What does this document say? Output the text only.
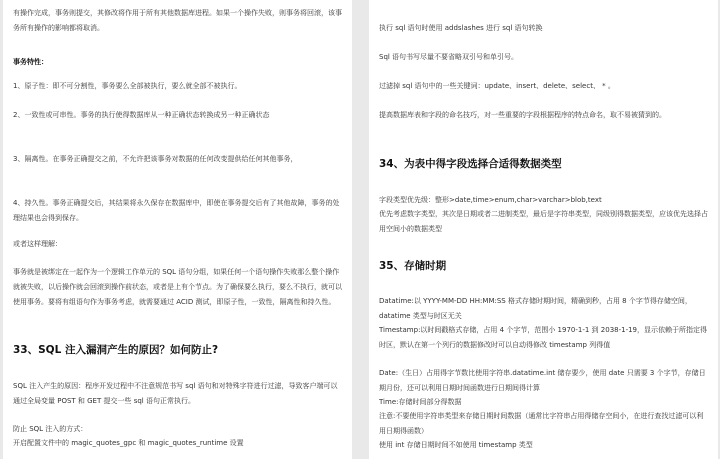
有操作完成，事务则提交，其修改将作用于所有其他数据库进程。如果一个操作失败，则事务将回滚，该事务所有操作的影响都将取消。

事务特性：

1、原子性：即不可分割性，事务要么全部被执行，要么就全部不被执行。

2、一致性或可串性。事务的执行使得数据库从一种正确状态转换成另一种正确状态

3、隔离性。在事务正确提交之前，不允许把该事务对数据的任何改变提供给任何其他事务，

4、持久性。事务正确提交后，其结果将永久保存在数据库中，即使在事务提交后有了其他故障，事务的处理结果也会得到保存。

或者这样理解：

事务就是被绑定在一起作为一个逻辑工作单元的 SQL 语句分组，如果任何一个语句操作失败那么整个操作就被失败，以后操作就会回滚到操作前状态，或者是上有个节点。为了确保要么执行，要么不执行，就可以使用事务。要将有组语句作为事务考虑，就需要通过 ACID 测试，即原子性，一致性，隔离性和持久性。

33、SQL 注入漏洞产生的原因？如何防止?

SQL 注入产生的原因：程序开发过程中不注意规范书写 sql 语句和对特殊字符进行过滤，导致客户端可以通过全局变量 POST 和 GET 提交一些 sql 语句正常执行。

防止 SQL 注入的方式：

开启配置文件中的 magic_quotes_gpc 和 magic_quotes_runtime 设置

执行 sql 语句时使用 addslashes 进行 sql 语句转换

Sql 语句书写尽量不要省略双引号和单引号。

过滤掉 sql 语句中的一些关键词：update、insert、delete、select、 * 。

提高数据库表和字段的命名技巧，对一些重要的字段根据程序的特点命名，取不易被猜到的。

34、为表中得字段选择合适得数据类型

字段类型优先级：整形>date,time>enum,char>varchar>blob,text

优先考虑数字类型，其次是日期或者二进制类型，最后是字符串类型，同级别得数据类型，应该优先选择占用空间小的数据类型

35、存储时期

Datatime:以 YYYY-MM-DD HH:MM:SS 格式存储时期时间，精确到秒，占用 8 个字节得存储空间，datatime 类型与时区无关

Timestamp:以时间戳格式存储，占用 4 个字节，范围小 1970-1-1 到 2038-1-19，显示依赖于所指定得时区，默认在第一个列行的数据修改时可以自动得修改 timestamp 列得值

Date:（生日）占用得字节数比使用字符串.datatime.int 储存要少，使用 date 只需要 3 个字节，存储日期月份，还可以利用日期时间函数进行日期间得计算

Time:存储时间部分得数据

注意:不要使用字符串类型来存储日期时间数据（通常比字符串占用得储存空间小，在进行查找过滤可以利用日期得函数）

使用 int 存储日期时间不如使用 timestamp 类型
